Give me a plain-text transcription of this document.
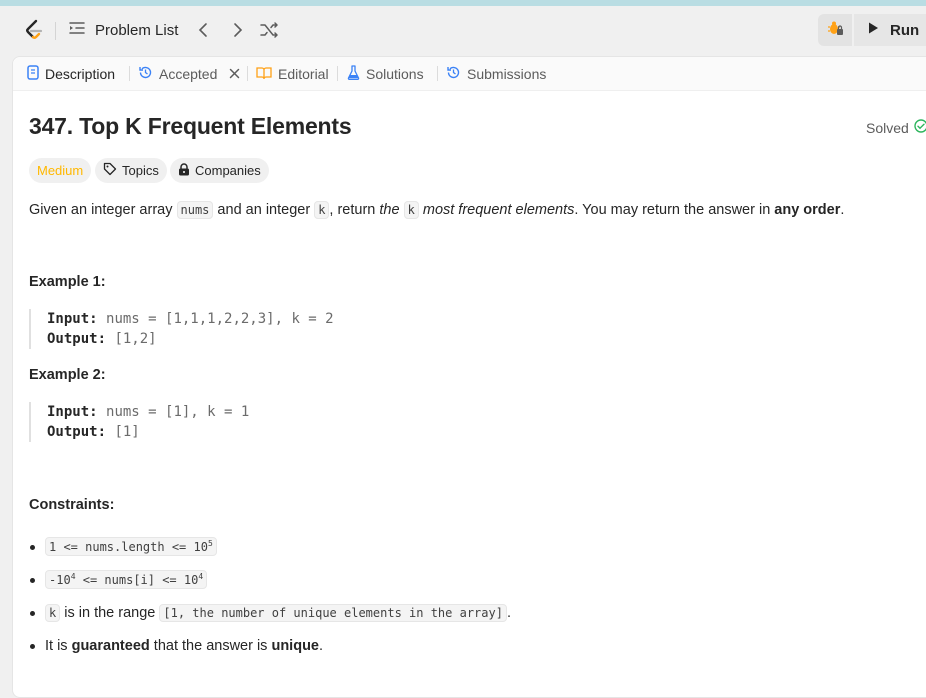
Problem List	Run
Description	Accepted	Editorial	Solutions	Submissions
347. Top K Frequent Elements	Solved
Medium	Topics	Companies
Given an integer array nums and an integer k , return the k most frequent elements. You may return the answer in any order.
Example 1:
Input: nums = [1,1,1,2,2,3], k = 2
Output: [1,2]
Example 2:
Input: nums = [1], k = 1
Output: [1]
Constraints:
1 <= nums.length <= $10^5$
$-10^4$ <= nums[i] <= $10^4$
k is in the range [1, the number of unique elements in the array] .
It is guaranteed that the answer is unique .
